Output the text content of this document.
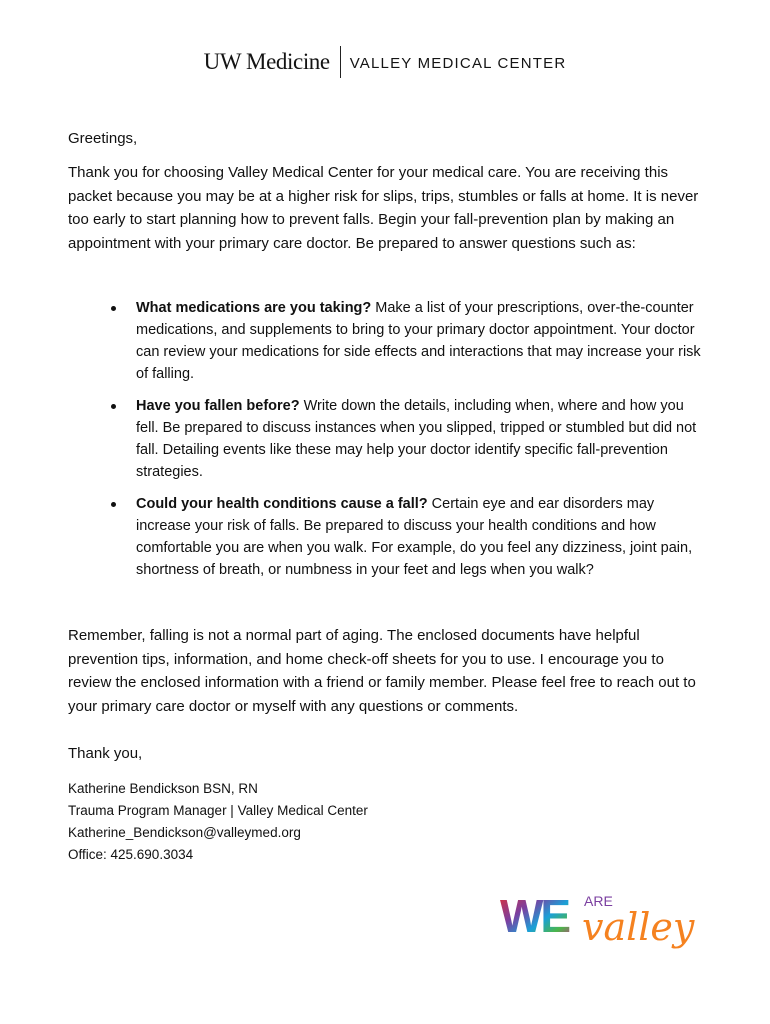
UW Medicine VALLEY MEDICAL CENTER
Greetings,
Thank you for choosing Valley Medical Center for your medical care. You are receiving this packet because you may be at a higher risk for slips, trips, stumbles or falls at home. It is never too early to start planning how to prevent falls. Begin your fall-prevention plan by making an appointment with your primary care doctor. Be prepared to answer questions such as:
What medications are you taking? Make a list of your prescriptions, over-the-counter medications, and supplements to bring to your primary doctor appointment. Your doctor can review your medications for side effects and interactions that may increase your risk of falling.
Have you fallen before? Write down the details, including when, where and how you fell. Be prepared to discuss instances when you slipped, tripped or stumbled but did not fall. Detailing events like these may help your doctor identify specific fall-prevention strategies.
Could your health conditions cause a fall? Certain eye and ear disorders may increase your risk of falls. Be prepared to discuss your health conditions and how comfortable you are when you walk. For example, do you feel any dizziness, joint pain, shortness of breath, or numbness in your feet and legs when you walk?
Remember, falling is not a normal part of aging. The enclosed documents have helpful prevention tips, information, and home check-off sheets for you to use. I encourage you to review the enclosed information with a friend or family member. Please feel free to reach out to your primary care doctor or myself with any questions or comments.
Thank you,
Katherine Bendickson BSN, RN
Trauma Program Manager | Valley Medical Center
Katherine_Bendickson@valleymed.org
Office: 425.690.3034
WE ARE
valley
